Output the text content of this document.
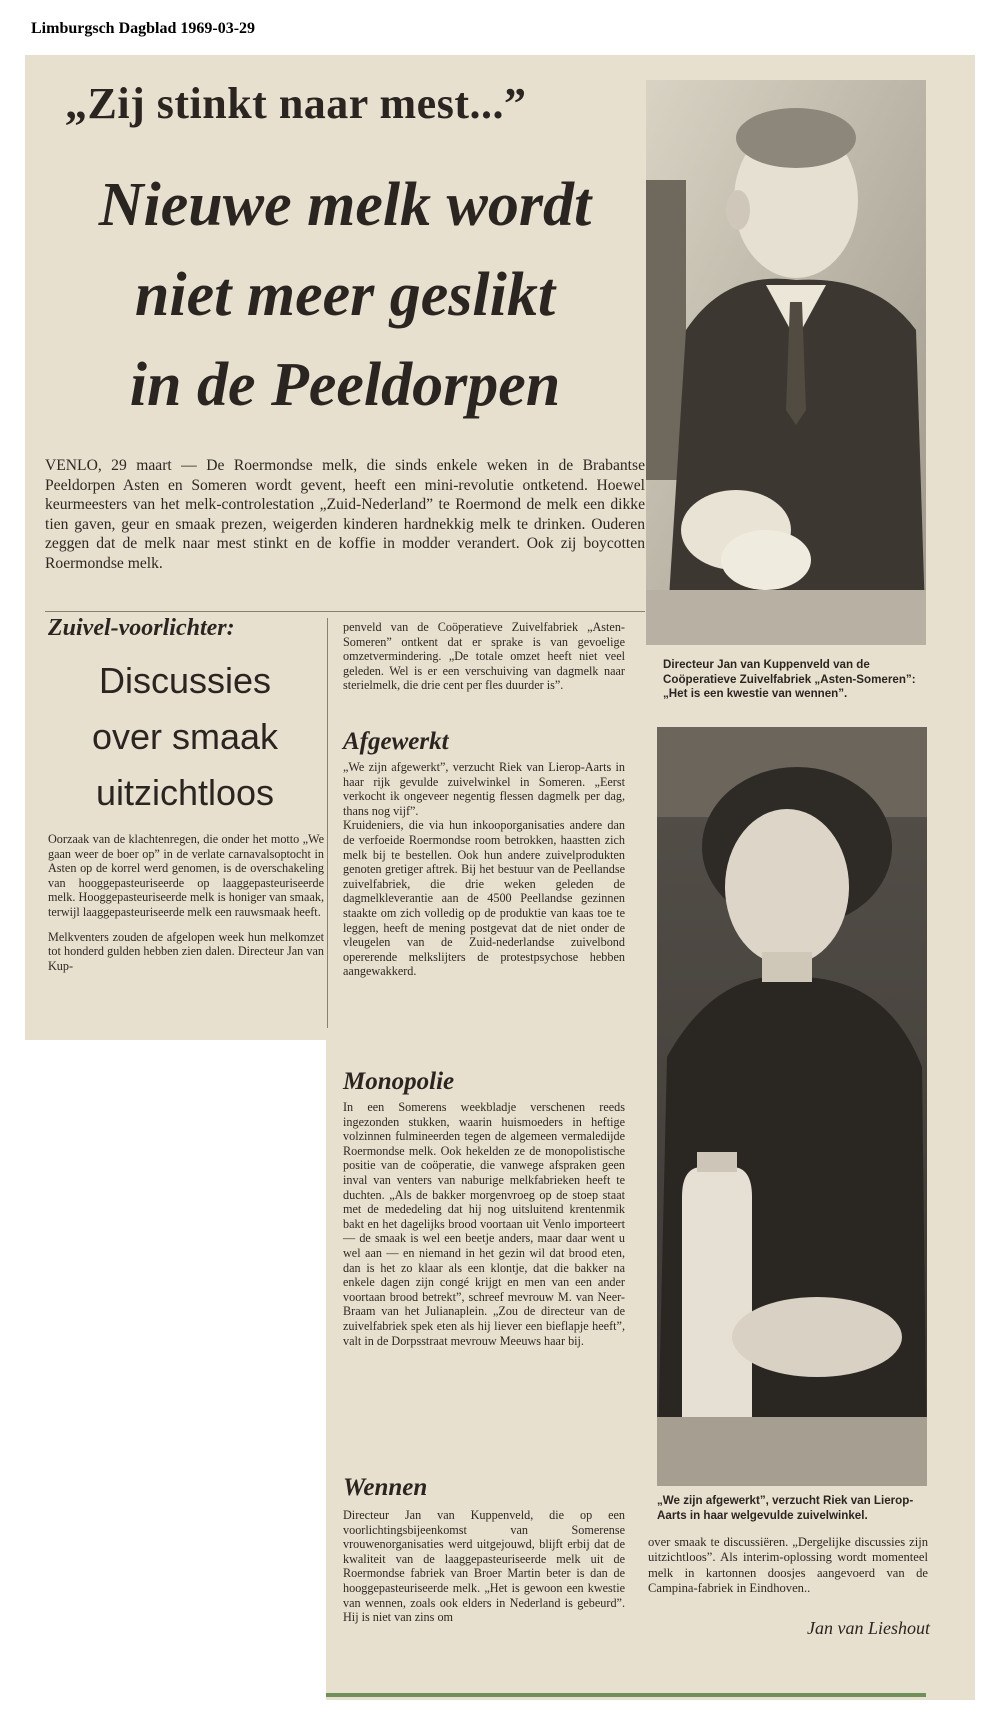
Limburgsch Dagblad 1969-03-29
„Zij stinkt naar mest...”
Nieuwe melk wordt
niet meer geslikt
in de Peeldorpen
VENLO, 29 maart — De Roermondse melk, die sinds enkele weken in de Brabantse Peeldorpen Asten en Someren wordt gevent, heeft een mini-revolutie ontketend. Hoewel keurmeesters van het melk-controlestation „Zuid-Nederland” te Roermond de melk een dikke tien gaven, geur en smaak prezen, weigerden kinderen hardnekkig melk te drinken. Ouderen zeggen dat de melk naar mest stinkt en de koffie in modder verandert. Ook zij boycotten Roermondse melk.
Zuivel-voorlichter:
Discussies
over smaak
uitzichtloos

Oorzaak van de klachtenregen, die onder het motto „We gaan weer de boer op” in de verlate carnavalsoptocht in Asten op de korrel werd genomen, is de overschakeling van hooggepasteuriseerde op laaggepasteuriseerde melk. Hooggepasteuriseerde melk is honiger van smaak, terwijl laaggepasteuriseerde melk een rauwsmaak heeft.

Melkventers zouden de afgelopen week hun melkomzet tot honderd gulden hebben zien dalen. Directeur Jan van Kup-

penveld van de Coöperatieve Zuivelfabriek „Asten-Someren” ontkent dat er sprake is van gevoelige omzetvermindering. „De totale omzet heeft niet veel geleden. Wel is er een verschuiving van dagmelk naar sterielmelk, die drie cent per fles duurder is”.

Afgewerkt

„We zijn afgewerkt”, verzucht Riek van Lierop-Aarts in haar rijk gevulde zuivelwinkel in Someren. „Eerst verkocht ik ongeveer negentig flessen dagmelk per dag, thans nog vijf”.

Kruideniers, die via hun inkooporganisaties andere dan de verfoeide Roermondse room betrokken, haastten zich melk bij te bestellen. Ook hun andere zuivelprodukten genoten gretiger aftrek. Bij het bestuur van de Peellandse zuivelfabriek, die drie weken geleden de dagmelkleverantie aan de 4500 Peellandse gezinnen staakte om zich volledig op de produktie van kaas toe te leggen, heeft de mening postgevat dat de niet onder de vleugelen van de Zuid-nederlandse zuivelbond opererende melkslijters de protestpsychose hebben aangewakkerd.

Monopolie

In een Somerens weekbladje verschenen reeds ingezonden stukken, waarin huismoeders in heftige volzinnen fulmineerden tegen de algemeen vermaledijde Roermondse melk. Ook hekelden ze de monopolistische positie van de coöperatie, die vanwege afspraken geen inval van venters van naburige melkfabrieken heeft te duchten. „Als de bakker morgenvroeg op de stoep staat met de mededeling dat hij nog uitsluitend krentenmik bakt en het dagelijks brood voortaan uit Venlo importeert — de smaak is wel een beetje anders, maar daar went u wel aan — en niemand in het gezin wil dat brood eten, dan is het zo klaar als een klontje, dat die bakker na enkele dagen zijn congé krijgt en men van een ander voortaan brood betrekt”, schreef mevrouw M. van Neer-Braam van het Julianaplein. „Zou de directeur van de zuivelfabriek spek eten als hij liever een bieflapje heeft”, valt in de Dorpsstraat mevrouw Meeuws haar bij.

Wennen

Directeur Jan van Kuppenveld, die op een voorlichtingsbijeenkomst van Somerense vrouwenorganisaties werd uitgejouwd, blijft erbij dat de kwaliteit van de laaggepasteuriseerde melk uit de Roermondse fabriek van Broer Martin beter is dan de hooggepasteuriseerde melk. „Het is gewoon een kwestie van wennen, zoals ook elders in Nederland is gebeurd”. Hij is niet van zins om

over smaak te discussiëren. „Dergelijke discussies zijn uitzichtloos”. Als interim-oplossing wordt momenteel melk in kartonnen doosjes aangevoerd van de Campina-fabriek in Eindhoven..
Jan van Lieshout
Directeur Jan van Kuppenveld van de Coöperatieve Zuivelfabriek „Asten-Someren”: „Het is een kwestie van wennen”.
„We zijn afgewerkt”, verzucht Riek van Lierop-Aarts in haar welgevulde zuivelwinkel.
